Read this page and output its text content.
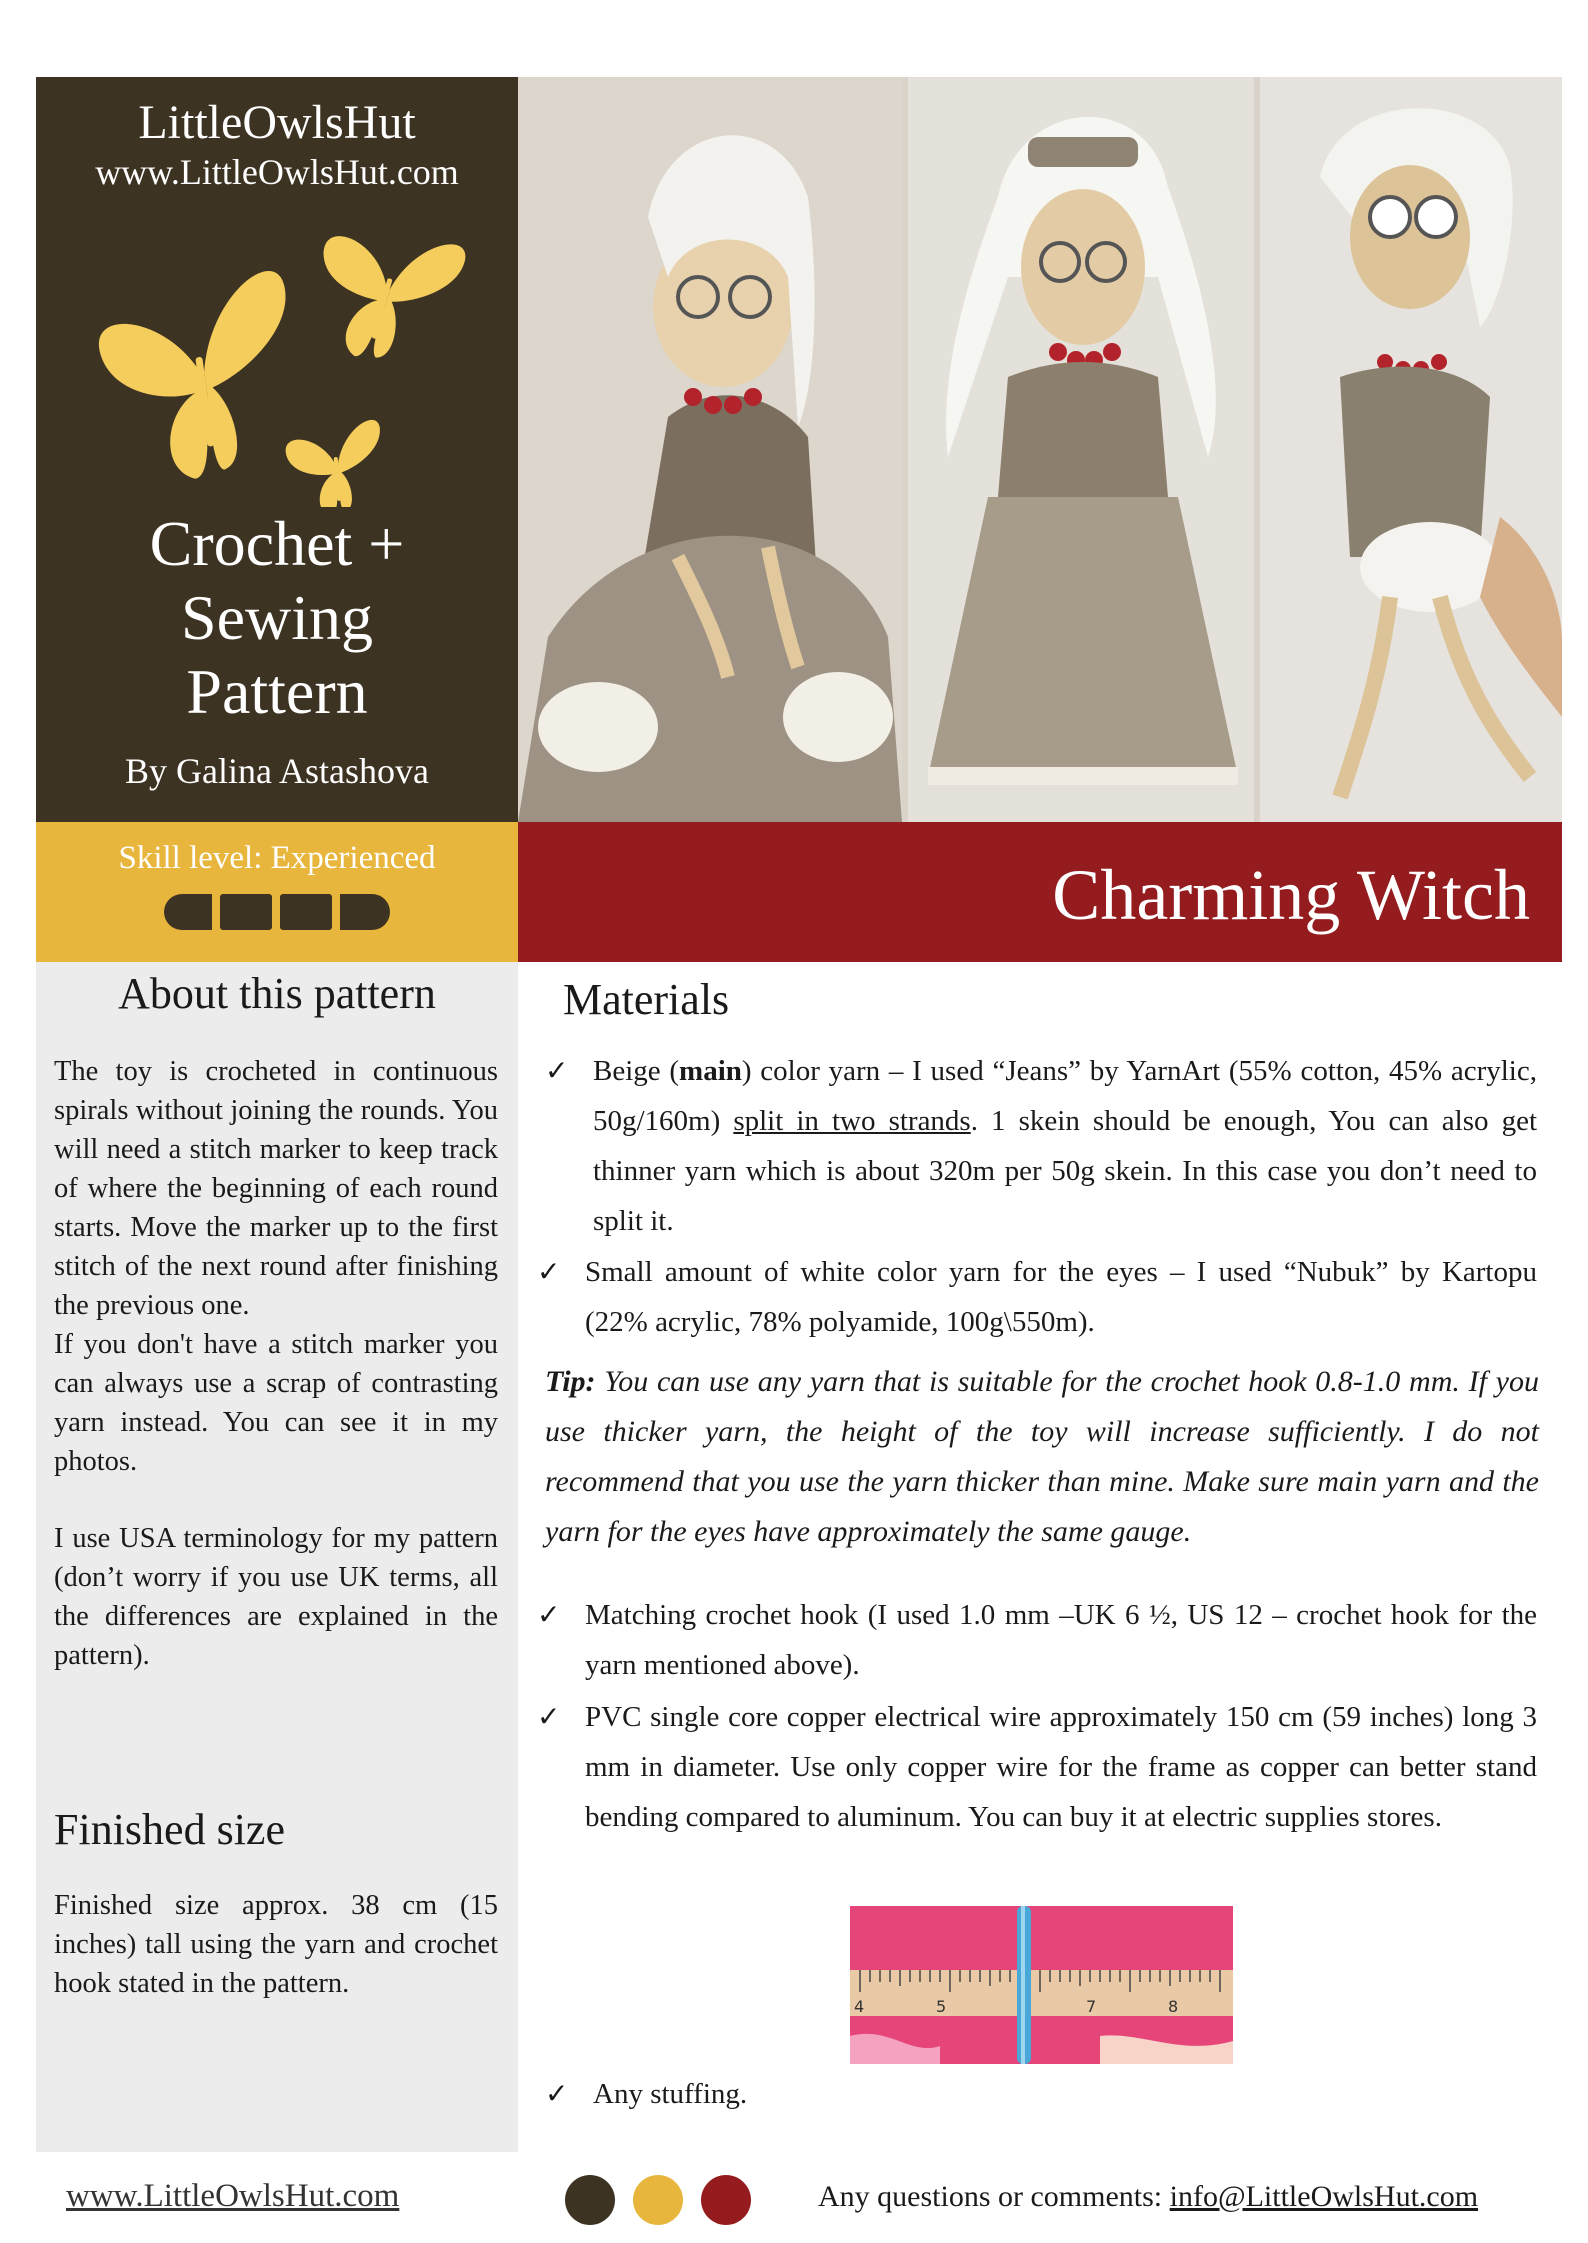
LittleOwlsHut
www.LittleOwlsHut.com
Crochet +
Sewing
Pattern
By Galina Astashova
Skill level: Experienced	Charming Witch
About this pattern

The toy is crocheted in continuous spirals without joining the rounds. You will need a stitch marker to keep track of where the beginning of each round starts. Move the marker up to the first stitch of the next round after finishing the previous one.

If you don't have a stitch marker you can always use a scrap of contrasting yarn instead. You can see it in my photos.

I use USA terminology for my pattern (don’t worry if you use UK terms, all the differences are explained in the pattern).

Finished size
Finished size approx. 38 cm (15 inches) tall using the yarn and crochet hook stated in the pattern.
Materials
✓ Beige (main) color yarn – I used “Jeans” by YarnArt (55% cotton, 45% acrylic, 50g/160m) split in two strands. 1 skein should be enough, You can also get thinner yarn which is about 320m per 50g skein. In this case you don’t need to split it.
✓ Small amount of white color yarn for the eyes – I used “Nubuk” by Kartopu (22% acrylic, 78% polyamide, 100g\550m).
Tip: You can use any yarn that is suitable for the crochet hook 0.8-1.0 mm. If you use thicker yarn, the height of the toy will increase sufficiently. I do not recommend that you use the yarn thicker than mine. Make sure main yarn and the yarn for the eyes have approximately the same gauge.
✓ Matching crochet hook (I used 1.0 mm –UK 6 ½, US 12 – crochet hook for the yarn mentioned above).
✓ PVC single core copper electrical wire approximately 150 cm (59 inches) long 3 mm in diameter. Use only copper wire for the frame as copper can better stand bending compared to aluminum. You can buy it at electric supplies stores.
4	5	7	8
✓ Any stuffing.
www.LittleOwlsHut.com	Any questions or comments: info@LittleOwlsHut.com
